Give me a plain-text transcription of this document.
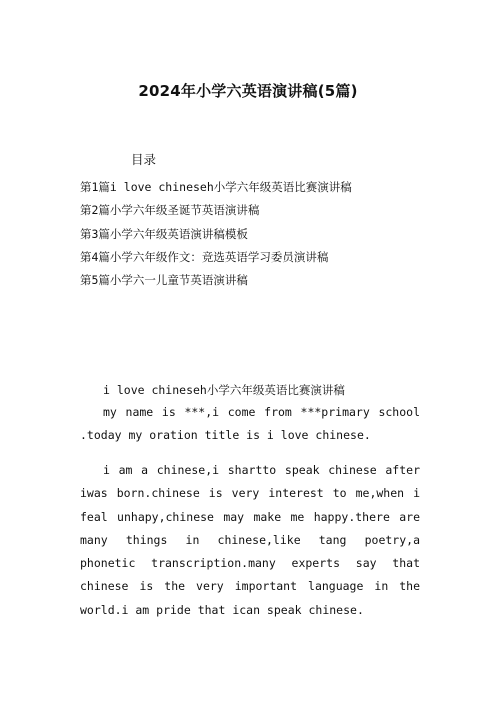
2024年小学六英语演讲稿(5篇)
目录
第1篇i love chineseh小学六年级英语比赛演讲稿
第2篇小学六年级圣诞节英语演讲稿
第3篇小学六年级英语演讲稿模板
第4篇小学六年级作文：竞选英语学习委员演讲稿
第5篇小学六一儿童节英语演讲稿
i love chineseh小学六年级英语比赛演讲稿

my name is ***,i come from ***primary school .today my oration title is i love chinese.

i am a chinese,i shartto speak chinese after iwas born.chinese is very interest to me,when i feal unhapy,chinese may make me happy.there are many things in chinese,like tang poetry,a phonetic transcription.many experts say that chinese is the very important language in the world.i am pride that ican speak chinese.
